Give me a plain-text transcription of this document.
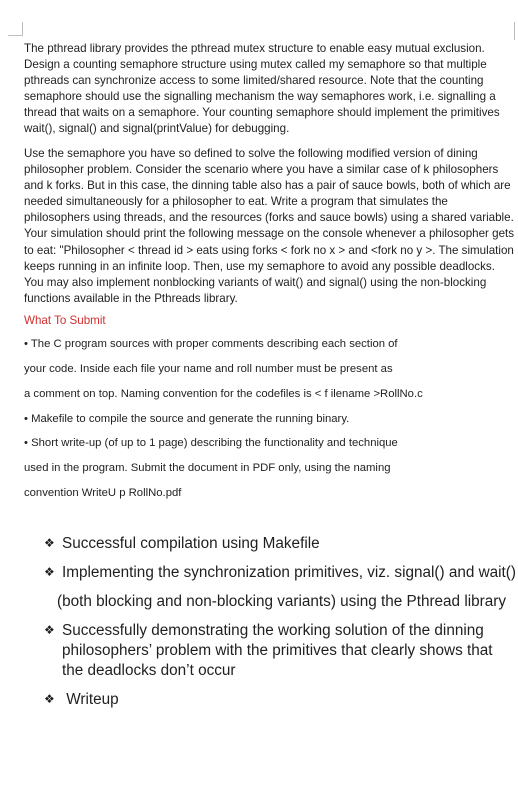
The pthread library provides the pthread mutex structure to enable easy mutual exclusion. Design a counting semaphore structure using mutex called my semaphore so that multiple pthreads can synchronize access to some limited/shared resource. Note that the counting semaphore should use the signalling mechanism the way semaphores work, i.e. signalling a thread that waits on a semaphore. Your counting semaphore should implement the primitives wait(), signal() and signal(printValue) for debugging.

Use the semaphore you have so defined to solve the following modified version of dining philosopher problem. Consider the scenario where you have a similar case of k philosophers and k forks. But in this case, the dinning table also has a pair of sauce bowls, both of which are needed simultaneously for a philosopher to eat. Write a program that simulates the philosophers using threads, and the resources (forks and sauce bowls) using a shared variable. Your simulation should print the following message on the console whenever a philosopher gets to eat: "Philosopher < thread id > eats using forks < fork no x > and <fork no y >. The simulation keeps running in an infinite loop. Then, use my semaphore to avoid any possible deadlocks. You may also implement nonblocking variants of wait() and signal() using the non-blocking functions available in the Pthreads library.

What To Submit

• The C program sources with proper comments describing each section of

your code. Inside each file your name and roll number must be present as

a comment on top. Naming convention for the codefiles is < f ilename >RollNo.c

• Makefile to compile the source and generate the running binary.

• Short write-up (of up to 1 page) describing the functionality and technique

used in the program. Submit the document in PDF only, using the naming

convention WriteU p RollNo.pdf

❖ Successful compilation using Makefile

❖ Implementing the synchronization primitives, viz. signal() and wait()

(both blocking and non-blocking variants) using the Pthread library

❖ Successfully demonstrating the working solution of the dinning

philosophers’ problem with the primitives that clearly shows that

the deadlocks don’t occur

❖ Writeup
